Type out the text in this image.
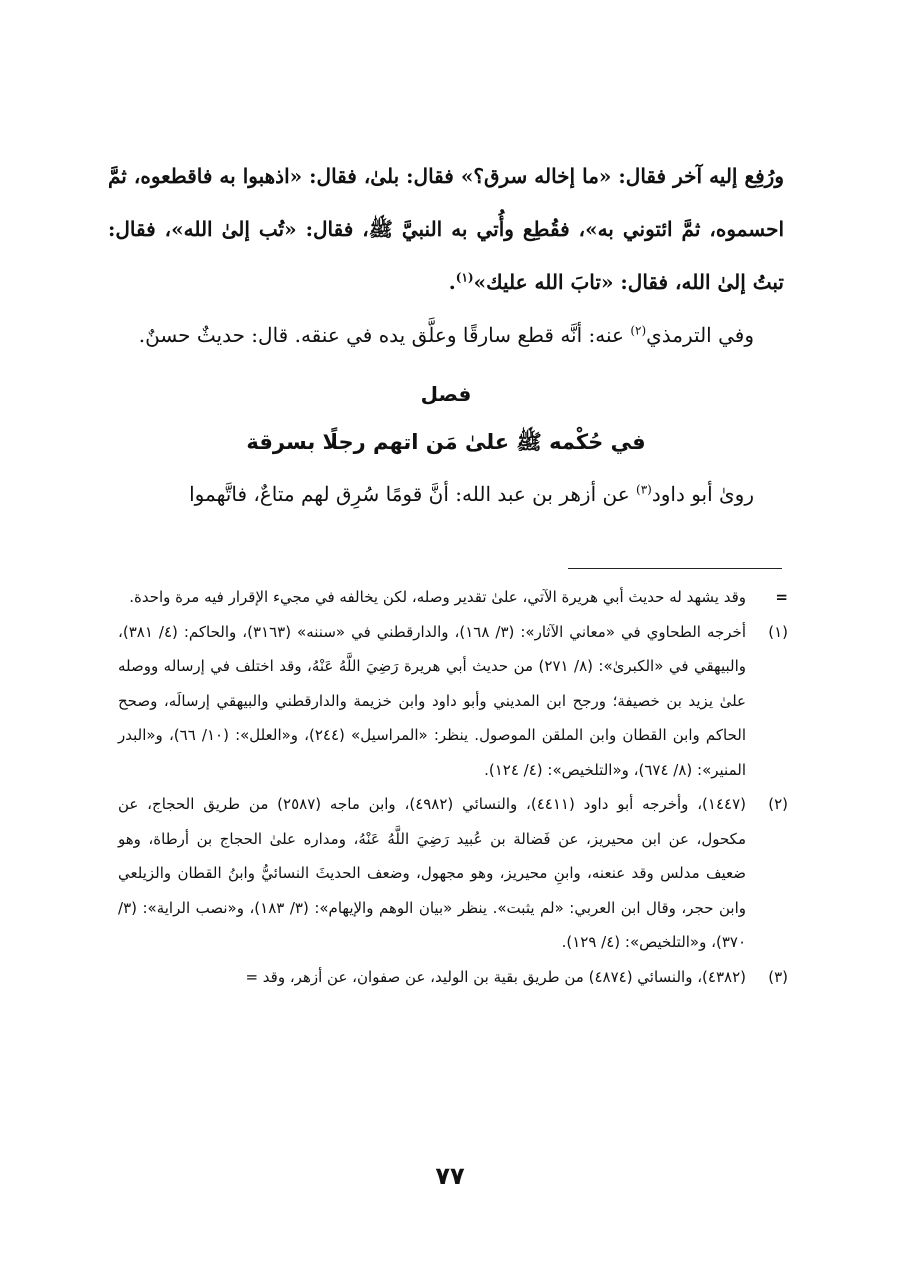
ورُفِع إليه آخر فقال: «ما إخاله سرق؟» فقال: بلىٰ، فقال: «اذهبوا به فاقطعوه، ثمَّ احسموه، ثمَّ ائتوني به»، فقُطِع وأُتي به النبيَّ ﷺ، فقال: «تُب إلىٰ الله»، فقال: تبتُ إلىٰ الله، فقال: «تابَ الله عليك»$^{(١)}$.

وفي الترمذي$^{(٢)}$ عنه: أنَّه قطع سارقًا وعلَّق يده في عنقه. قال: حديثٌ حسنٌ.

فصل

في حُكْمه ﷺ علىٰ مَن اتهم رجلًا بسرقة

روىٰ أبو داود$^{(٣)}$ عن أزهر بن عبد الله: أنَّ قومًا سُرِق لهم متاعٌ، فاتَّهموا

=
وقد يشهد له حديث أبي هريرة الآتي، علىٰ تقدير وصله، لكن يخالفه في مجيء الإقرار فيه مرة واحدة.
(١)
أخرجه الطحاوي في «معاني الآثار»: (٣/ ١٦٨)، والدارقطني في «سننه» (٣١٦٣)، والحاكم: (٤/ ٣٨١)، والبيهقي في «الكبرىٰ»: (٨/ ٢٧١) من حديث أبي هريرة رَضِيَ اللَّهُ عَنْهُ، وقد اختلف في إرساله ووصله علىٰ يزيد بن خصيفة؛ ورجح ابن المديني وأبو داود وابن خزيمة والدارقطني والبيهقي إرسالَه، وصحح الحاكم وابن القطان وابن الملقن الموصول. ينظر: «المراسيل» (٢٤٤)، و«العلل»: (١٠/ ٦٦)، و«البدر المنير»: (٨/ ٦٧٤)، و«التلخيص»: (٤/ ١٢٤).
(٢)
(١٤٤٧)، وأخرجه أبو داود (٤٤١١)، والنسائي (٤٩٨٢)، وابن ماجه (٢٥٨٧) من طريق الحجاج، عن مكحول، عن ابن محيريز، عن فَضالة بن عُبيد رَضِيَ اللَّهُ عَنْهُ، ومداره علىٰ الحجاج بن أرطاة، وهو ضعيف مدلس وقد عنعنه، وابنِ محيريز، وهو مجهول، وضعف الحديثَ النسائيُّ وابنُ القطان والزيلعي وابن حجر، وقال ابن العربي: «لم يثبت». ينظر «بيان الوهم والإيهام»: (٣/ ١٨٣)، و«نصب الراية»: (٣/ ٣٧٠)، و«التلخيص»: (٤/ ١٢٩).
(٣)
(٤٣٨٢)، والنسائي (٤٨٧٤) من طريق بقية بن الوليد، عن صفوان، عن أزهر، وقد =
٧٧
